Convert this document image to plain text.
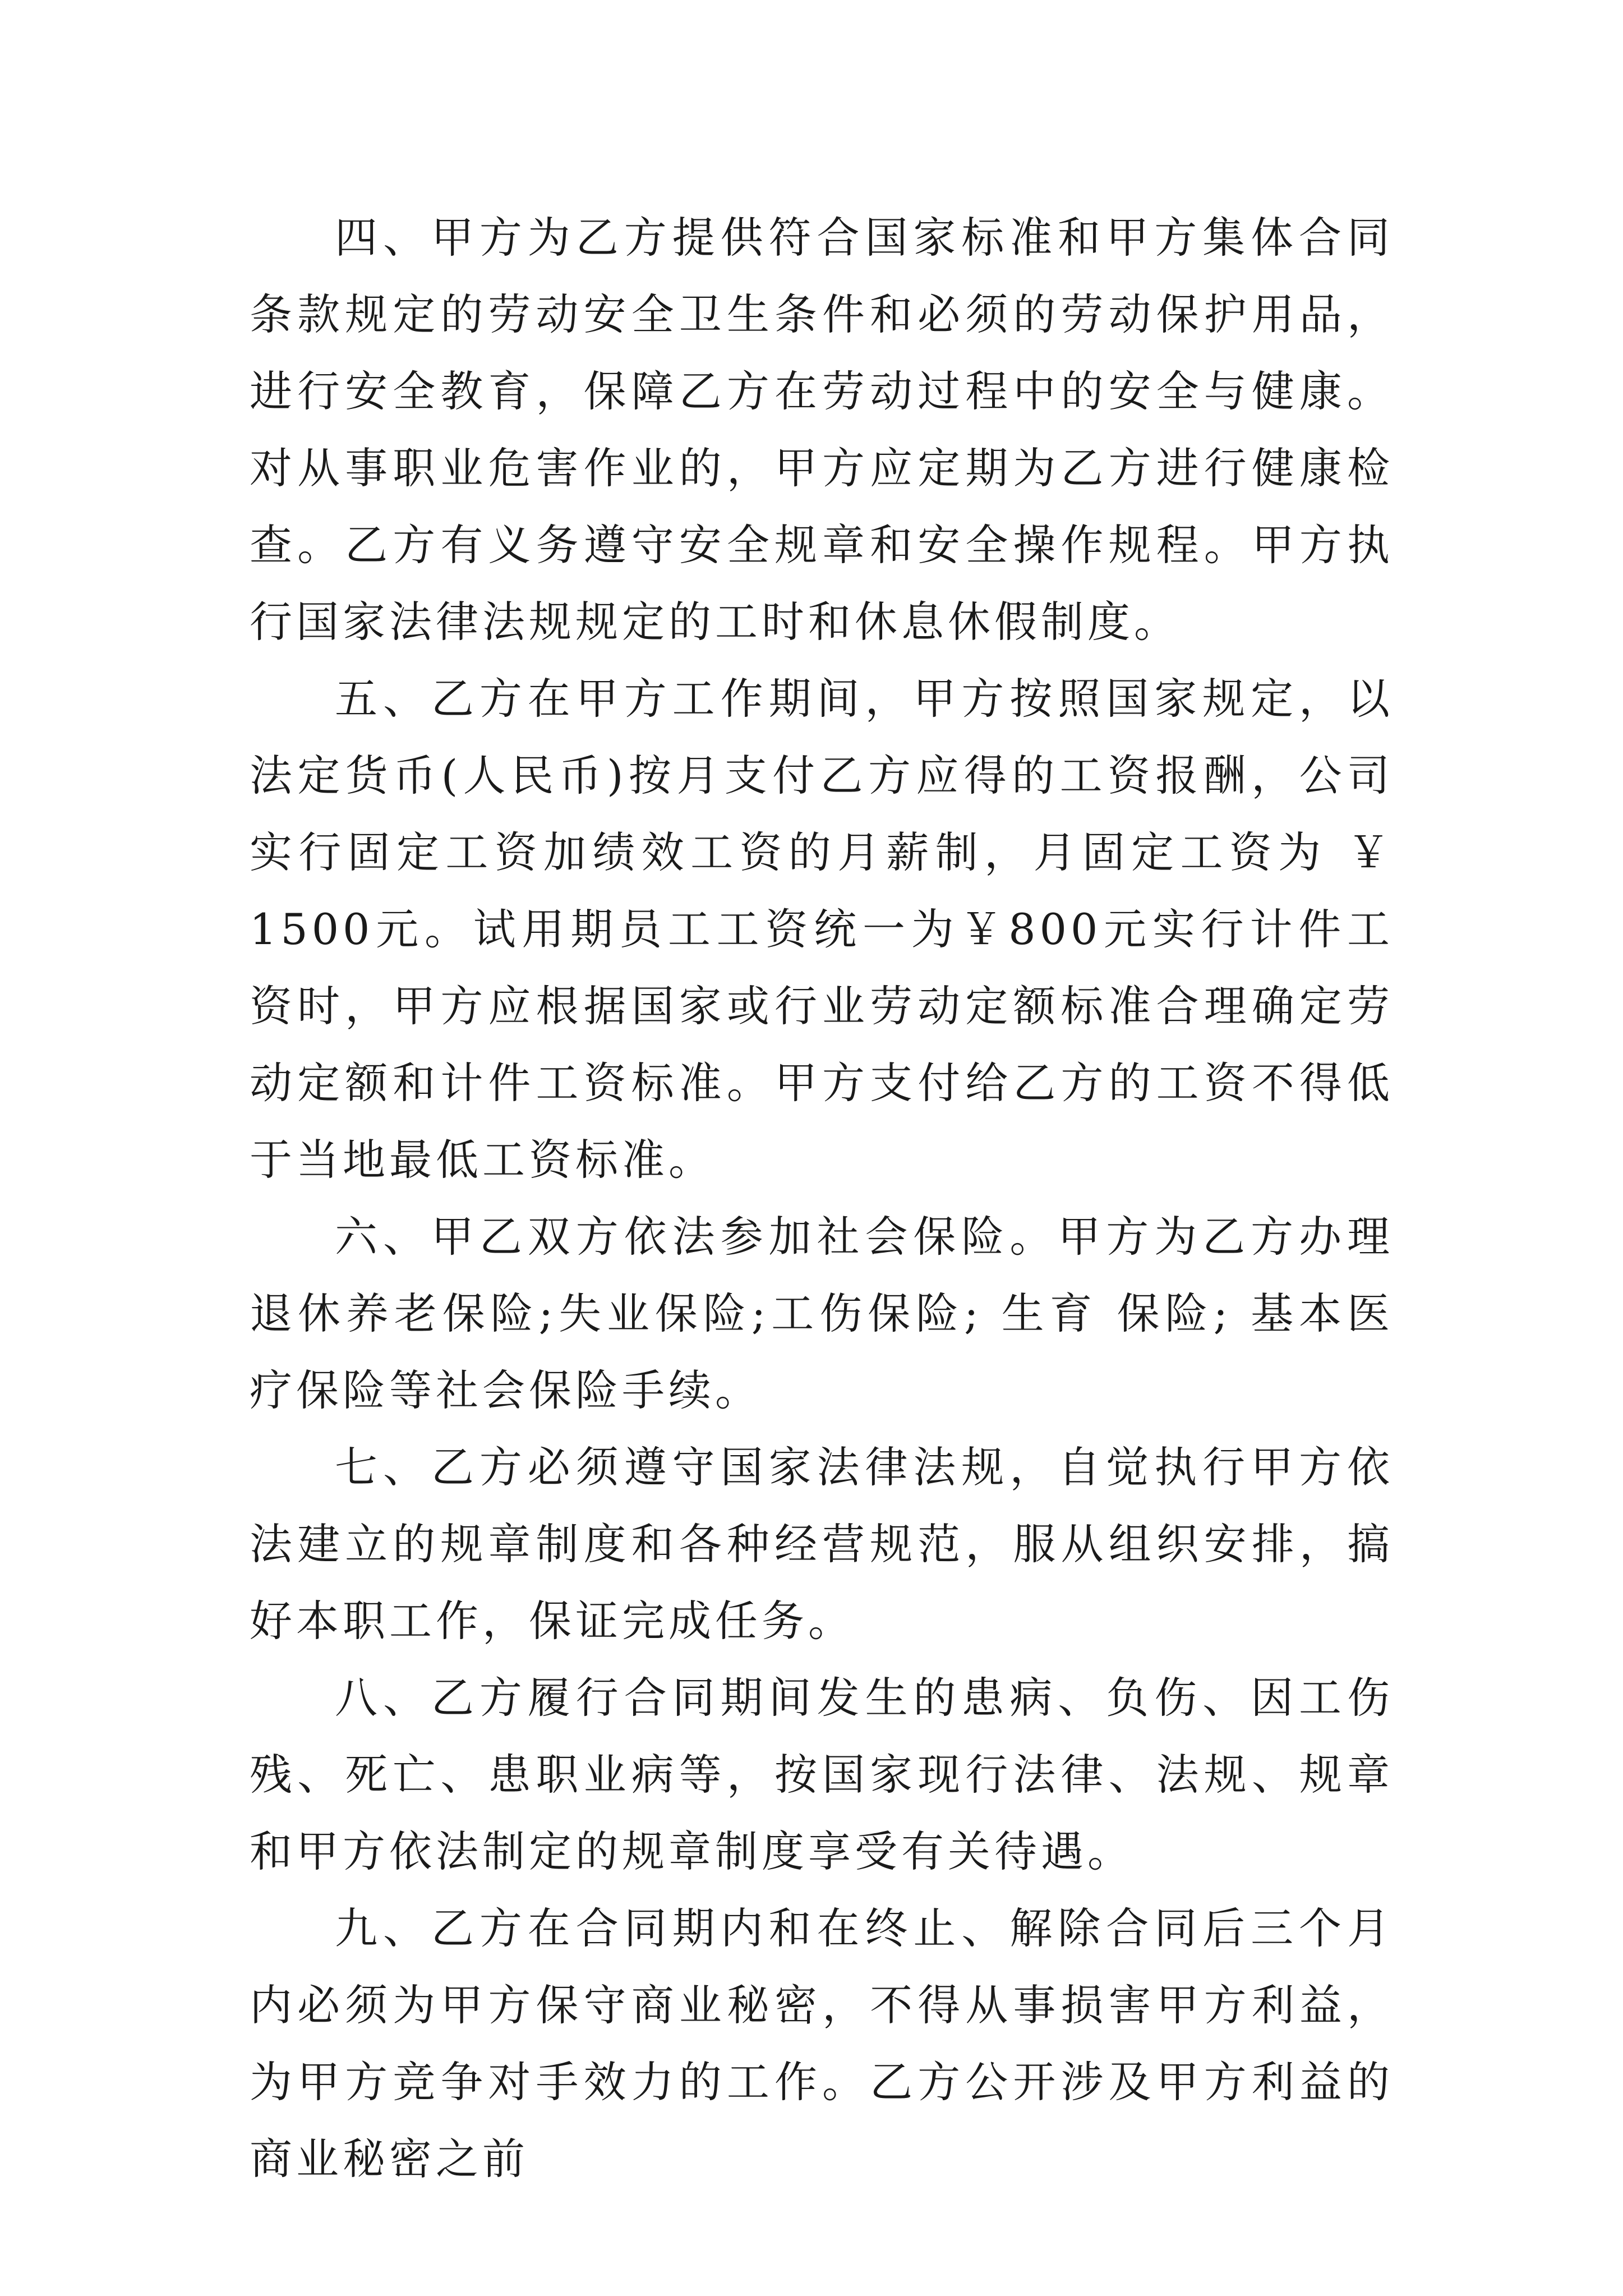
四、甲方为乙方提供符合国家标准和甲方集体合同条款规定的劳动安全卫生条件和必须的劳动保护用品，进行安全教育，保障乙方在劳动过程中的安全与健康。对从事职业危害作业的，甲方应定期为乙方进行健康检查。乙方有义务遵守安全规章和安全操作规程。甲方执行国家法律法规规定的工时和休息休假制度。

五、乙方在甲方工作期间，甲方按照国家规定，以法定货币(人民币)按月支付乙方应得的工资报酬，公司实行固定工资加绩效工资的月薪制，月固定工资为 ￥ 1500元。试用期员工工资统一为￥800元实行计件工资时，甲方应根据国家或行业劳动定额标准合理确定劳动定额和计件工资标准。甲方支付给乙方的工资不得低于当地最低工资标准。

六、甲乙双方依法参加社会保险。甲方为乙方办理退休养老保险;失业保险;工伤保险; 生育 保险; 基本医疗保险等社会保险手续。

七、乙方必须遵守国家法律法规，自觉执行甲方依法建立的规章制度和各种经营规范，服从组织安排，搞好本职工作，保证完成任务。

八、乙方履行合同期间发生的患病、负伤、因工伤残、死亡、患职业病等，按国家现行法律、法规、规章和甲方依法制定的规章制度享受有关待遇。

九、乙方在合同期内和在终止、解除合同后三个月内必须为甲方保守商业秘密，不得从事损害甲方利益，为甲方竞争对手效力的工作。乙方公开涉及甲方利益的商业秘密之前
